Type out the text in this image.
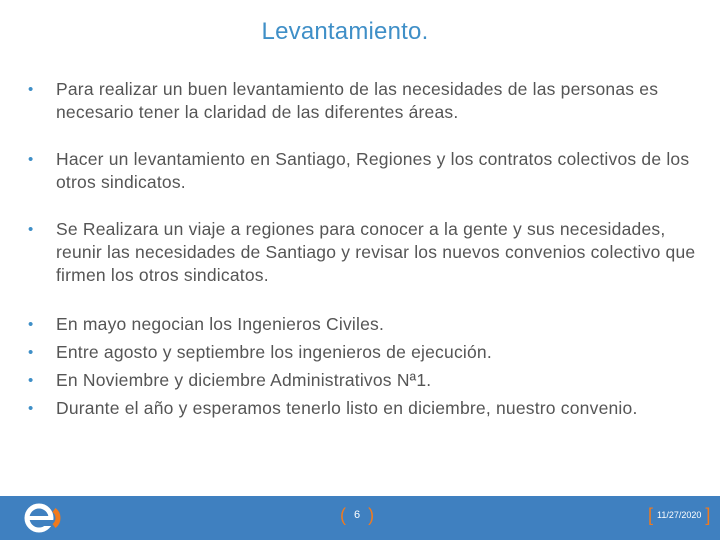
Levantamiento.
• Para realizar un buen levantamiento de las necesidades de las personas es necesario tener la claridad de las diferentes áreas.
• Hacer un levantamiento en Santiago, Regiones y los contratos colectivos de los otros sindicatos.
• Se Realizara un viaje a regiones para conocer a la gente y sus necesidades, reunir las necesidades de Santiago y revisar los nuevos convenios colectivo que firmen los otros sindicatos.
• En mayo negocian los Ingenieros Civiles.
• Entre agosto y septiembre los ingenieros de ejecución.
• En Noviembre y diciembre Administrativos Nª1.
• Durante el año y esperamos tenerlo listo en diciembre, nuestro convenio.
( 6 )	[ 11/27/2020 ]
